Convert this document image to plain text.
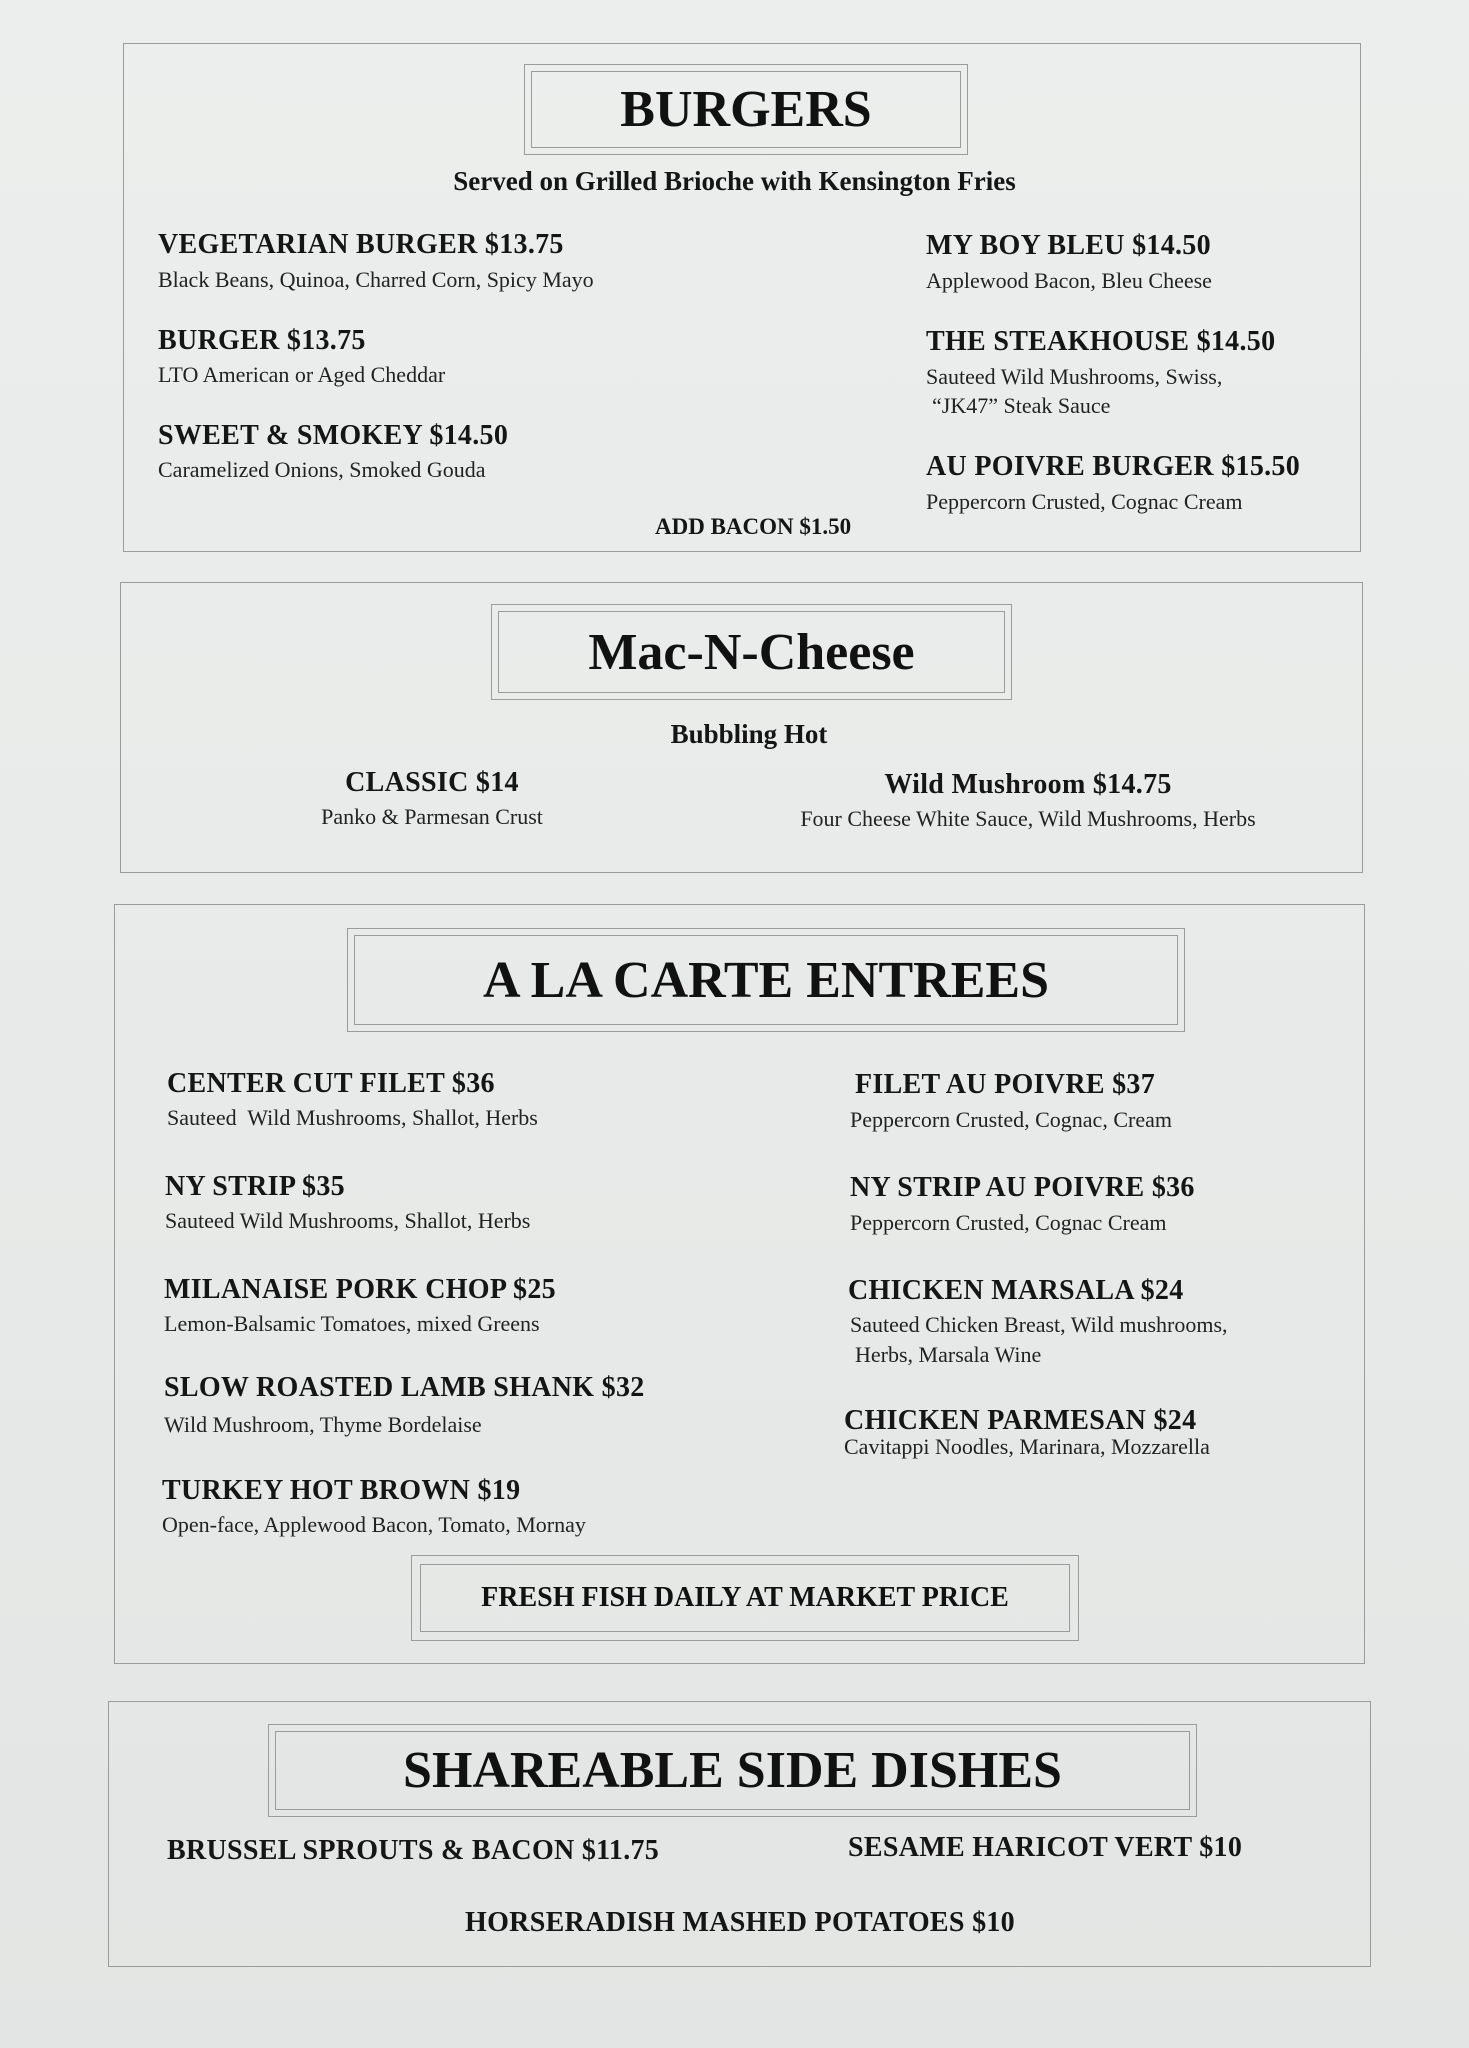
BURGERS
Served on Grilled Brioche with Kensington Fries
VEGETARIAN BURGER $13.75
Black Beans, Quinoa, Charred Corn, Spicy Mayo
BURGER $13.75
LTO American or Aged Cheddar
SWEET & SMOKEY $14.50
Caramelized Onions, Smoked Gouda
MY BOY BLEU $14.50
Applewood Bacon, Bleu Cheese
THE STEAKHOUSE $14.50
Sauteed Wild Mushrooms, Swiss,
“JK47” Steak Sauce
AU POIVRE BURGER $15.50
Peppercorn Crusted, Cognac Cream
ADD BACON $1.50
Mac-N-Cheese
Bubbling Hot
CLASSIC $14
Panko & Parmesan Crust
Wild Mushroom $14.75
Four Cheese White Sauce, Wild Mushrooms, Herbs
A LA CARTE ENTREES
CENTER CUT FILET $36
Sauteed  Wild Mushrooms, Shallot, Herbs
NY STRIP $35
Sauteed Wild Mushrooms, Shallot, Herbs
MILANAISE PORK CHOP $25
Lemon-Balsamic Tomatoes, mixed Greens
SLOW ROASTED LAMB SHANK $32
Wild Mushroom, Thyme Bordelaise
TURKEY HOT BROWN $19
Open-face, Applewood Bacon, Tomato, Mornay
FILET AU POIVRE $37
Peppercorn Crusted, Cognac, Cream
NY STRIP AU POIVRE $36
Peppercorn Crusted, Cognac Cream
CHICKEN MARSALA $24
Sauteed Chicken Breast, Wild mushrooms,
Herbs, Marsala Wine
CHICKEN PARMESAN $24
Cavitappi Noodles, Marinara, Mozzarella
FRESH FISH DAILY AT MARKET PRICE
SHAREABLE SIDE DISHES
BRUSSEL SPROUTS & BACON $11.75	SESAME HARICOT VERT $10
HORSERADISH MASHED POTATOES $10
